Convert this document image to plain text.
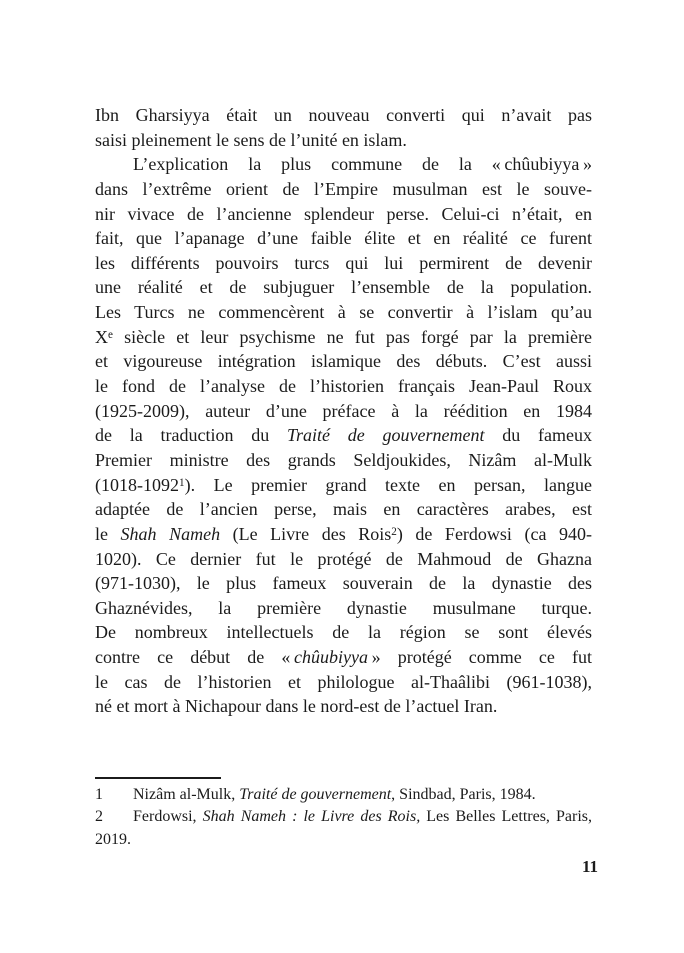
Ibn Gharsiyya était un nouveau converti qui n’avait pas
saisi pleinement le sens de l’unité en islam.
L’explication la plus commune de la « chûubiyya »
dans l’extrême orient de l’Empire musulman est le souve-
nir vivace de l’ancienne splendeur perse. Celui-ci n’était, en
fait, que l’apanage d’une faible élite et en réalité ce furent
les différents pouvoirs turcs qui lui permirent de devenir
une réalité et de subjuguer l’ensemble de la population.
Les Turcs ne commencèrent à se convertir à l’islam qu’au
Xe siècle et leur psychisme ne fut pas forgé par la première
et vigoureuse intégration islamique des débuts. C’est aussi
le fond de l’analyse de l’historien français Jean-Paul Roux
(1925-2009), auteur d’une préface à la réédition en 1984
de la traduction du Traité de gouvernement du fameux
Premier ministre des grands Seldjoukides, Nizâm al-Mulk
(1018-1092$^1$). Le premier grand texte en persan, langue
adaptée de l’ancien perse, mais en caractères arabes, est
le Shah Nameh (Le Livre des Rois$^2$) de Ferdowsi (ca 940-
1020). Ce dernier fut le protégé de Mahmoud de Ghazna
(971-1030), le plus fameux souverain de la dynastie des
Ghaznévides, la première dynastie musulmane turque.
De nombreux intellectuels de la région se sont élevés
contre ce début de « chûubiyya » protégé comme ce fut
le cas de l’historien et philologue al-Thaâlibi (961-1038),
né et mort à Nichapour dans le nord-est de l’actuel Iran.
1 Nizâm al-Mulk, Traité de gouvernement, Sindbad, Paris, 1984.
2 Ferdowsi, Shah Nameh : le Livre des Rois, Les Belles Lettres, Paris,
2019.
11
